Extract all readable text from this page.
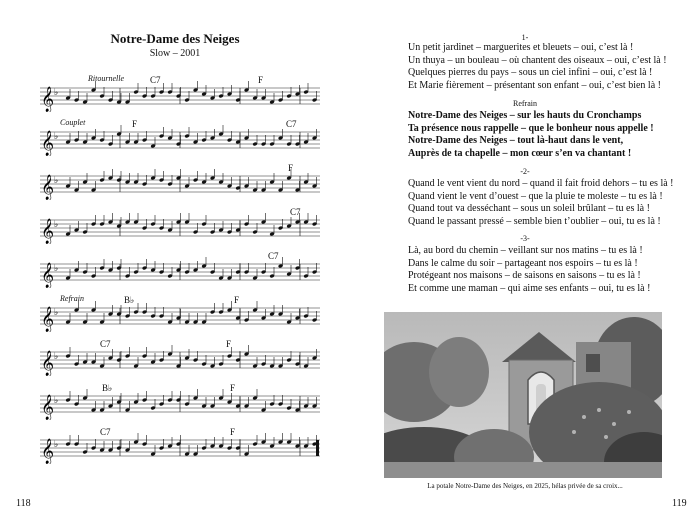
Notre-Dame des Neiges
Slow – 2001
𝄞 ♭
Ritournelle	C7	F
𝄞 ♭
Couplet	F	C7
𝄞 ♭
F
𝄞 ♭
C7
𝄞 ♭
C7
𝄞 ♭
Refrain	B♭	F
𝄞 ♭
C7	F
𝄞 ♭
B♭	F
𝄞 ♭
C7	F
118
1-
Un petit jardinet – marguerites et bleuets – oui, c’est là !
Un thuya – un bouleau – où chantent des oiseaux – oui, c’est là !
Quelques pierres du pays – sous un ciel infini – oui, c’est là !
Et Marie fièrement – présentant son enfant – oui, c’est bien là !
Refrain
Notre-Dame des Neiges – sur les hauts du Cronchamps
Ta présence nous rappelle – que le bonheur nous appelle !
Notre-Dame des Neiges – tout là-haut dans le vent,
Auprès de ta chapelle – mon cœur s’en va chantant !
-2-
Quand le vent vient du nord – quand il fait froid dehors – tu es là !
Quand vient le vent d’ouest – que la pluie te moleste – tu es là !
Quand tout va desséchant – sous un soleil brûlant – tu es là !
Quand le passant pressé – semble bien t’oublier – oui, tu es là !
-3-
Là, au bord du chemin – veillant sur nos matins – tu es là !
Dans le calme du soir – partageant nos espoirs – tu es là !
Protégeant nos maisons – de saisons en saisons – tu es là !
Et comme une maman – qui aime ses enfants – oui, tu es là !
La potale Notre-Dame des Neiges, en 2025, hélas privée de sa croix...
119
